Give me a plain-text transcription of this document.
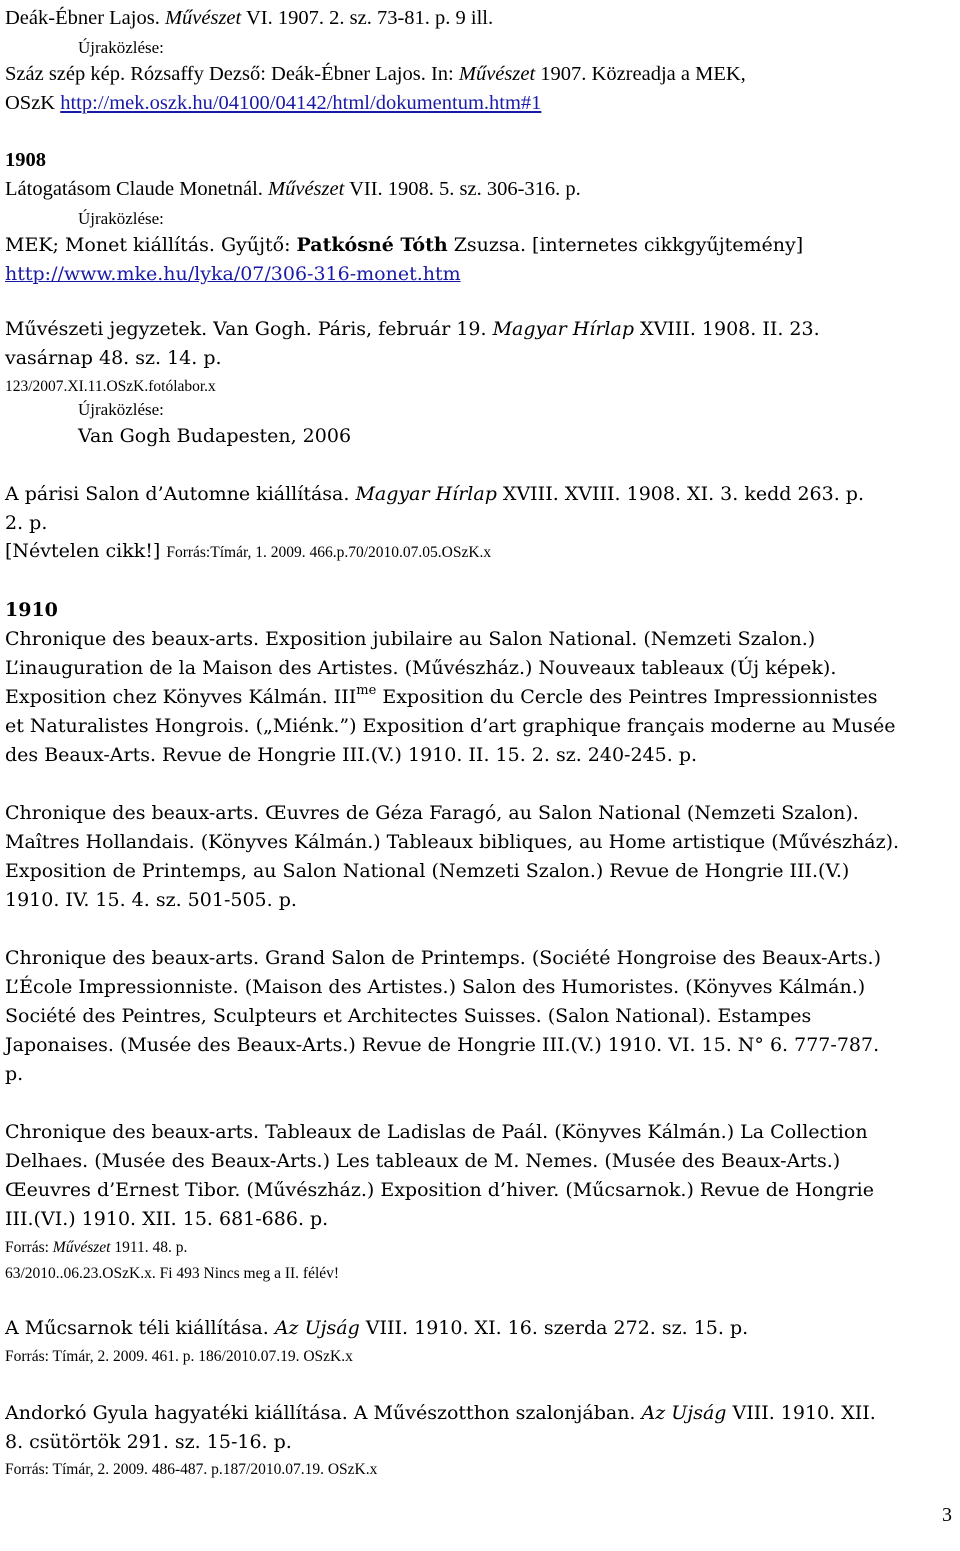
Deák-Ébner Lajos. Művészet VI. 1907. 2. sz. 73-81. p. 9 ill.
Újraközlése:
Száz szép kép. Rózsaffy Dezső: Deák-Ébner Lajos. In: Művészet 1907. Közreadja a MEK,
OSzK http://mek.oszk.hu/04100/04142/html/dokumentum.htm#1
1908
Látogatásom Claude Monetnál. Művészet VII. 1908. 5. sz. 306-316. p.
Újraközlése:
MEK; Monet kiállítás. Gyűjtő: Patkósné Tóth Zsuzsa. [internetes cikkgyűjtemény]
http://www.mke.hu/lyka/07/306-316-monet.htm
Művészeti jegyzetek. Van Gogh. Páris, február 19. Magyar Hírlap XVIII. 1908. II. 23.
vasárnap 48. sz. 14. p.
123/2007.XI.11.OSzK.fotólabor.x
Újraközlése:
Van Gogh Budapesten, 2006
A párisi Salon d’Automne kiállítása. Magyar Hírlap XVIII. XVIII. 1908. XI. 3. kedd 263. p.
2. p.
[Névtelen cikk!] Forrás:Tímár, 1. 2009. 466.p.70/2010.07.05.OSzK.x
1910
Chronique des beaux-arts. Exposition jubilaire au Salon National. (Nemzeti Szalon.)
L’inauguration de la Maison des Artistes. (Művészház.) Nouveaux tableaux (Új képek).
Exposition chez Könyves Kálmán. $III^{me}$ Exposition du Cercle des Peintres Impressionnistes
et Naturalistes Hongrois. („Miénk.”) Exposition d’art graphique français moderne au Musée
des Beaux-Arts. Revue de Hongrie III.(V.) 1910. II. 15. 2. sz. 240-245. p.
Chronique des beaux-arts. Œuvres de Géza Faragó, au Salon National (Nemzeti Szalon).
Maîtres Hollandais. (Könyves Kálmán.) Tableaux bibliques, au Home artistique (Művészház).
Exposition de Printemps, au Salon National (Nemzeti Szalon.) Revue de Hongrie III.(V.)
1910. IV. 15. 4. sz. 501-505. p.
Chronique des beaux-arts. Grand Salon de Printemps. (Société Hongroise des Beaux-Arts.)
L’École Impressionniste. (Maison des Artistes.) Salon des Humoristes. (Könyves Kálmán.)
Société des Peintres, Sculpteurs et Architectes Suisses. (Salon National). Estampes
Japonaises. (Musée des Beaux-Arts.) Revue de Hongrie III.(V.) 1910. VI. 15. N° 6. 777-787.
p.
Chronique des beaux-arts. Tableaux de Ladislas de Paál. (Könyves Kálmán.) La Collection
Delhaes. (Musée des Beaux-Arts.) Les tableaux de M. Nemes. (Musée des Beaux-Arts.)
Œeuvres d’Ernest Tibor. (Művészház.) Exposition d’hiver. (Műcsarnok.) Revue de Hongrie
III.(VI.) 1910. XII. 15. 681-686. p.
Forrás: Művészet 1911. 48. p.
63/2010..06.23.OSzK.x. Fi 493 Nincs meg a II. félév!
A Műcsarnok téli kiállítása. Az Ujság VIII. 1910. XI. 16. szerda 272. sz. 15. p.
Forrás: Tímár, 2. 2009. 461. p. 186/2010.07.19. OSzK.x
Andorkó Gyula hagyatéki kiállítása. A Művészotthon szalonjában. Az Ujság VIII. 1910. XII.
8. csütörtök 291. sz. 15-16. p.
Forrás: Tímár, 2. 2009. 486-487. p.187/2010.07.19. OSzK.x
3
